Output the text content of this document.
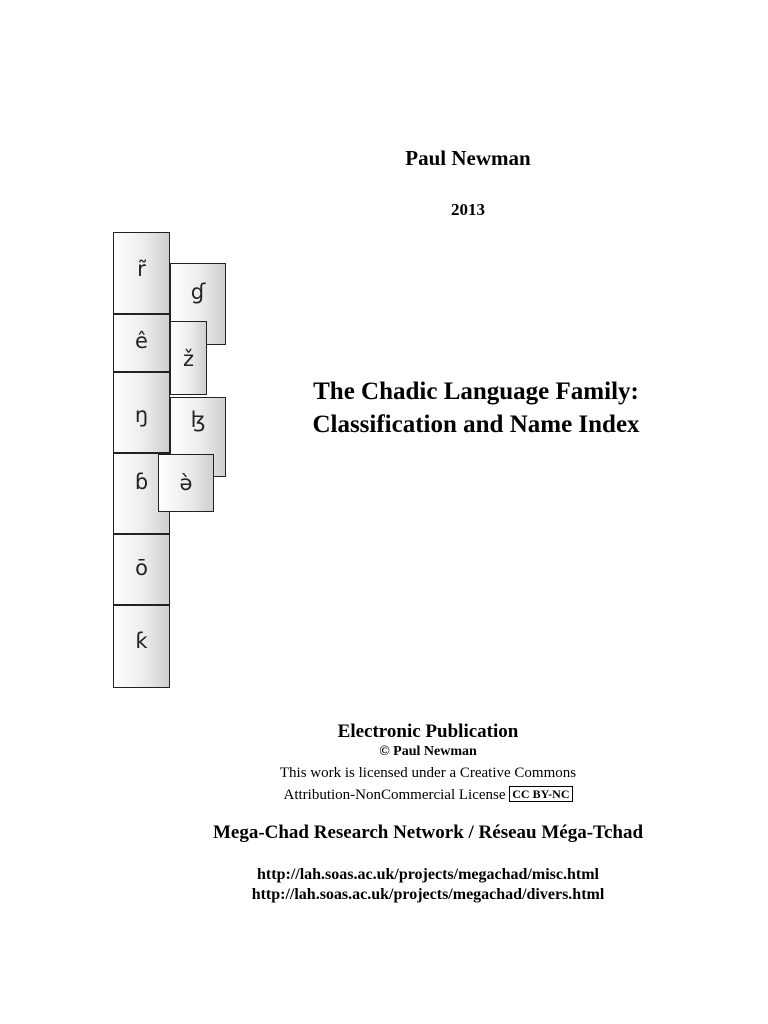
Paul Newman
2013
The Chadic Language Family:
Classification and Name Index
r̃
ɠ
ê
ž
ŋ	ɮ
ɓ	ə̀
ō
ƙ
Electronic Publication
© Paul Newman
This work is licensed under a Creative Commons
Attribution-NonCommercial License CC BY-NC
Mega-Chad Research Network / Réseau Méga-Tchad
http://lah.soas.ac.uk/projects/megachad/misc.html
http://lah.soas.ac.uk/projects/megachad/divers.html
